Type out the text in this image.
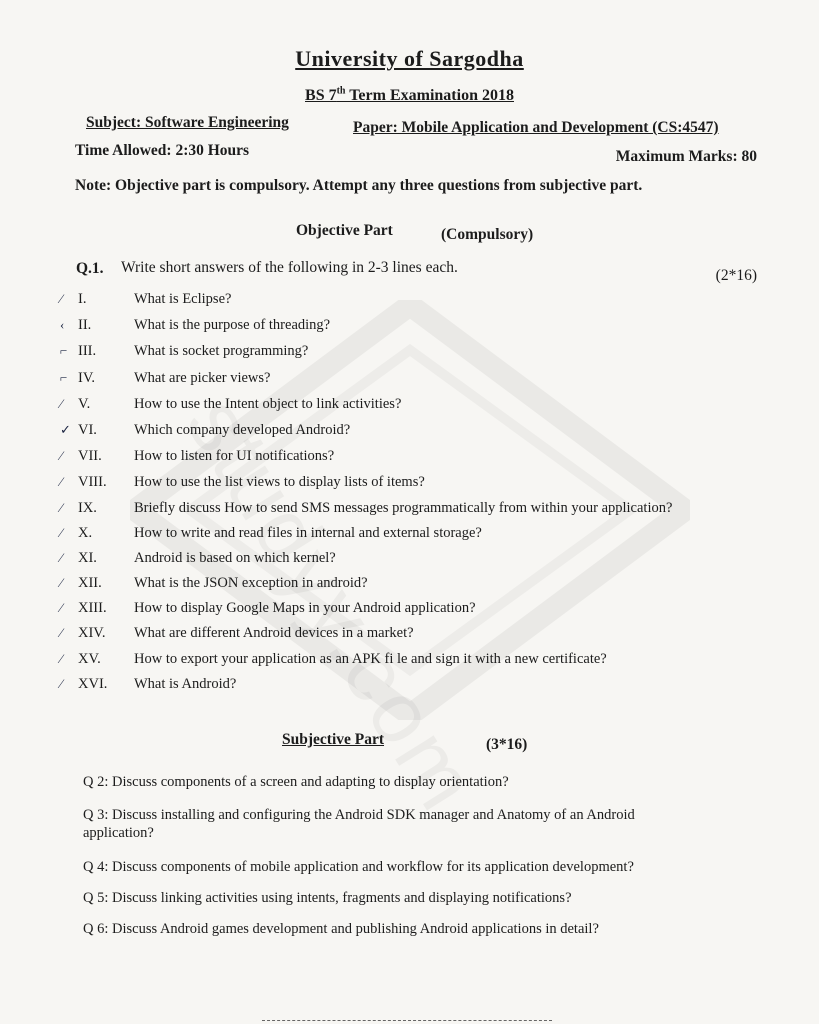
University of Sargodha
BS 7th Term Examination 2018
Subject: Software Engineering	Paper: Mobile Application and Development (CS:4547)
Time Allowed: 2:30 Hours	Maximum Marks: 80
Note: Objective part is compulsory. Attempt any three questions from subjective part.
Objective Part	(Compulsory)
Q.1. Write short answers of the following in 2-3 lines each.	(2*16)
⁄ I.	What is Eclipse?
‹ II.	What is the purpose of threading?
⌐ III.	What is socket programming?
⌐ IV.	What are picker views?
⁄ V.	How to use the Intent object to link activities?
✓ VI.	Which company developed Android?
⁄ VII. How to listen for UI notifications?
⁄ VIII. How to use the list views to display lists of items?
⁄ IX.	Briefly discuss How to send SMS messages programmatically from within your application?
⁄ X.	How to write and read files in internal and external storage?
⁄ XI.	Android is based on which kernel?
⁄ XII. What is the JSON exception in android?
⁄ XIII. How to display Google Maps in your Android application?
⁄ XIV. What are different Android devices in a market?
⁄ XV. How to export your application as an APK fi le and sign it with a new certificate?
⁄ XVI. What is Android?
Subjective Part	(3*16)
Q 2: Discuss components of a screen and adapting to display orientation?
Q 3: Discuss installing and configuring the Android SDK manager and Anatomy of an Android application?
Q 4: Discuss components of mobile application and workflow for its application development?
Q 5: Discuss linking activities using intents, fragments and displaying notifications?
Q 6: Discuss Android games development and publishing Android applications in detail?
